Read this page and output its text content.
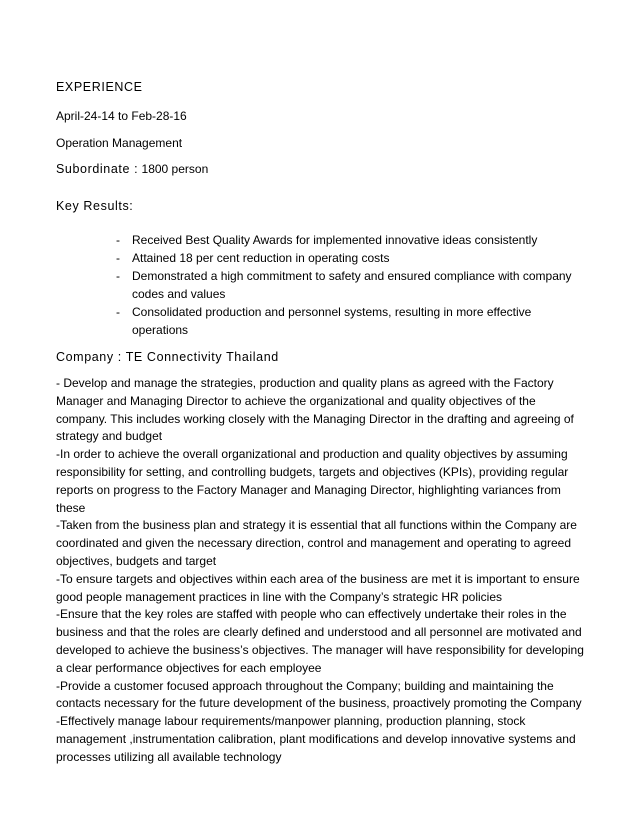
EXPERIENCE

April-24-14 to Feb-28-16

Operation Management

Subordinate : 1800 person

Key Results:
- Received Best Quality Awards for implemented innovative ideas consistently
- Attained 18 per cent reduction in operating costs
- Demonstrated a high commitment to safety and ensured compliance with company codes and values
- Consolidated production and personnel systems, resulting in more effective operations
Company : TE Connectivity Thailand

- Develop and manage the strategies, production and quality plans as agreed with the Factory Manager and Managing Director to achieve the organizational and quality objectives of the company. This includes working closely with the Managing Director in the drafting and agreeing of strategy and budget

-In order to achieve the overall organizational and production and quality objectives by assuming responsibility for setting, and controlling budgets, targets and objectives (KPIs), providing regular reports on progress to the Factory Manager and Managing Director, highlighting variances from these

-Taken from the business plan and strategy it is essential that all functions within the Company are coordinated and given the necessary direction, control and management and operating to agreed objectives, budgets and target

-To ensure targets and objectives within each area of the business are met it is important to ensure good people management practices in line with the Company’s strategic HR policies

-Ensure that the key roles are staffed with people who can effectively undertake their roles in the business and that the roles are clearly defined and understood and all personnel are motivated and developed to achieve the business’s objectives. The manager will have responsibility for developing a clear performance objectives for each employee

-Provide a customer focused approach throughout the Company; building and maintaining the contacts necessary for the future development of the business, proactively promoting the Company

-Effectively manage labour requirements/manpower planning, production planning, stock management ,instrumentation calibration, plant modifications and develop innovative systems and processes utilizing all available technology
